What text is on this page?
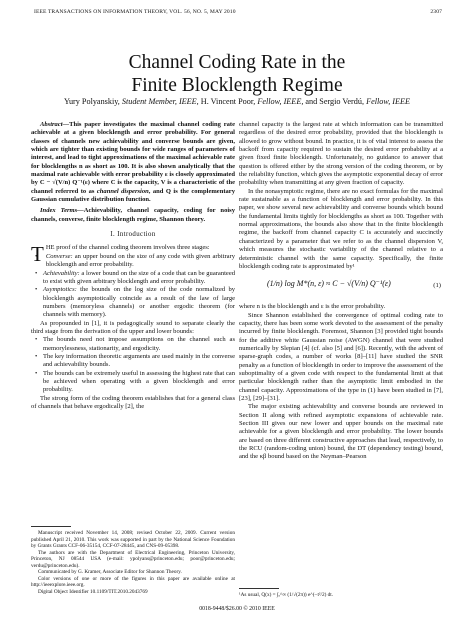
IEEE TRANSACTIONS ON INFORMATION THEORY, VOL. 56, NO. 5, MAY 2010	2307
Channel Coding Rate in the
Finite Blocklength Regime
Yury Polyanskiy, Student Member, IEEE, H. Vincent Poor, Fellow, IEEE, and Sergio Verdú, Fellow, IEEE

Abstract—This paper investigates the maximal channel coding rate achievable at a given blocklength and error probability. For general classes of channels new achievability and converse bounds are given, which are tighter than existing bounds for wide ranges of parameters of interest, and lead to tight approximations of the maximal achievable rate for blocklengths n as short as 100. It is also shown analytically that the maximal rate achievable with error probability ε is closely approximated by C − √(V/n) Q⁻¹(ε) where C is the capacity, V is a characteristic of the channel referred to as channel dispersion, and Q is the complementary Gaussian cumulative distribution function.

Index Terms—Achievability, channel capacity, coding for noisy channels, converse, finite blocklength regime, Shannon theory.

I. Introduction

THE proof of the channel coding theorem involves three stages:

• Converse: an upper bound on the size of any code with given arbitrary blocklength and error probability.
• Achievability: a lower bound on the size of a code that can be guaranteed to exist with given arbitrary blocklength and error probability.
• Asymptotics: the bounds on the log size of the code normalized by blocklength asymptotically coincide as a result of the law of large numbers (memoryless channels) or another ergodic theorem (for channels with memory).

As propounded in [1], it is pedagogically sound to separate clearly the third stage from the derivation of the upper and lower bounds:

• The bounds need not impose assumptions on the channel such as memorylessness, stationarity, and ergodicity.
• The key information theoretic arguments are used mainly in the converse and achievability bounds.
• The bounds can be extremely useful in assessing the highest rate that can be achieved when operating with a given blocklength and error probability.

The strong form of the coding theorem establishes that for a general class of channels that behave ergodically [2], the

Manuscript received November 14, 2008; revised October 22, 2009. Current version published April 21, 2010. This work was supported in part by the National Science Foundation by Grants Grants CCF-06-35154, CCF-07-28445, and CNS-09-05398.

The authors are with the Department of Electrical Engineering, Princeton University, Princeton, NJ 08544 USA (e-mail: ypolyans@princeton.edu; poor@princeton.edu; verdu@princeton.edu).

Communicated by G. Kramer, Associate Editor for Shannon Theory.

Color versions of one or more of the figures in this paper are available online at http://ieeexplore.ieee.org.

Digital Object Identifier 10.1109/TIT.2010.2043769

channel capacity is the largest rate at which information can be transmitted regardless of the desired error probability, provided that the blocklength is allowed to grow without bound. In practice, it is of vital interest to assess the backoff from capacity required to sustain the desired error probability at a given fixed finite blocklength. Unfortunately, no guidance to answer that question is offered either by the strong version of the coding theorem, or by the reliability function, which gives the asymptotic exponential decay of error probability when transmitting at any given fraction of capacity.

In the nonasymptotic regime, there are no exact formulas for the maximal rate sustainable as a function of blocklength and error probability. In this paper, we show several new achievability and converse bounds which bound the fundamental limits tightly for blocklengths as short as 100. Together with normal approximations, the bounds also show that in the finite blocklength regime, the backoff from channel capacity C is accurately and succinctly characterized by a parameter that we refer to as the channel dispersion V, which measures the stochastic variability of the channel relative to a deterministic channel with the same capacity. Specifically, the finite blocklength coding rate is approximated by¹

(1/n) log M*(n, ε) ≈ C − √(V/n) Q⁻¹(ε)	(1)

where n is the blocklength and ε is the error probability.

Since Shannon established the convergence of optimal coding rate to capacity, there has been some work devoted to the assessment of the penalty incurred by finite blocklength. Foremost, Shannon [3] provided tight bounds for the additive white Gaussian noise (AWGN) channel that were studied numerically by Slepian [4] (cf. also [5] and [6]). Recently, with the advent of sparse-graph codes, a number of works [8]–[11] have studied the SNR penalty as a function of blocklength in order to improve the assessment of the suboptimality of a given code with respect to the fundamental limit at that particular blocklength rather than the asymptotic limit embodied in the channel capacity. Approximations of the type in (1) have been studied in [7], [23], [29]–[31].

The major existing achievability and converse bounds are reviewed in Section II along with refined asymptotic expansions of achievable rate. Section III gives our new lower and upper bounds on the maximal rate achievable for a given blocklength and error probability. The lower bounds are based on three different constructive approaches that lead, respectively, to the RCU (random-coding union) bound, the DT (dependency testing) bound, and the κβ bound based on the Neyman–Pearson

¹As usual, Q(x) = ∫ₓ^∞ (1/√(2π)) e^(−t²/2) dt.
0018-9448/$26.00 © 2010 IEEE
